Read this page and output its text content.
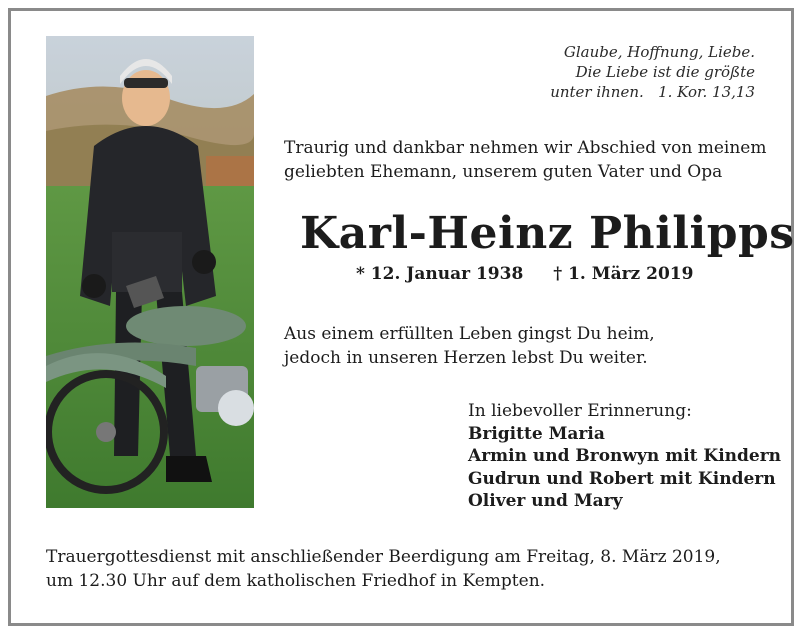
Glaube, Hoffnung, Liebe.
Die Liebe ist die größte
unter ihnen.   1. Kor. 13,13
Traurig und dankbar nehmen wir Abschied von meinem
geliebten Ehemann, unserem guten Vater und Opa
Karl-Heinz Philipps
* 12. Januar 1938 † 1. März 2019
Aus einem erfüllten Leben gingst Du heim,
jedoch in unseren Herzen lebst Du weiter.
In liebevoller Erinnerung:
Brigitte Maria
Armin und Bronwyn mit Kindern
Gudrun und Robert mit Kindern
Oliver und Mary
Trauergottesdienst mit anschließender Beerdigung am Freitag, 8. März 2019,
um 12.30 Uhr auf dem katholischen Friedhof in Kempten.
